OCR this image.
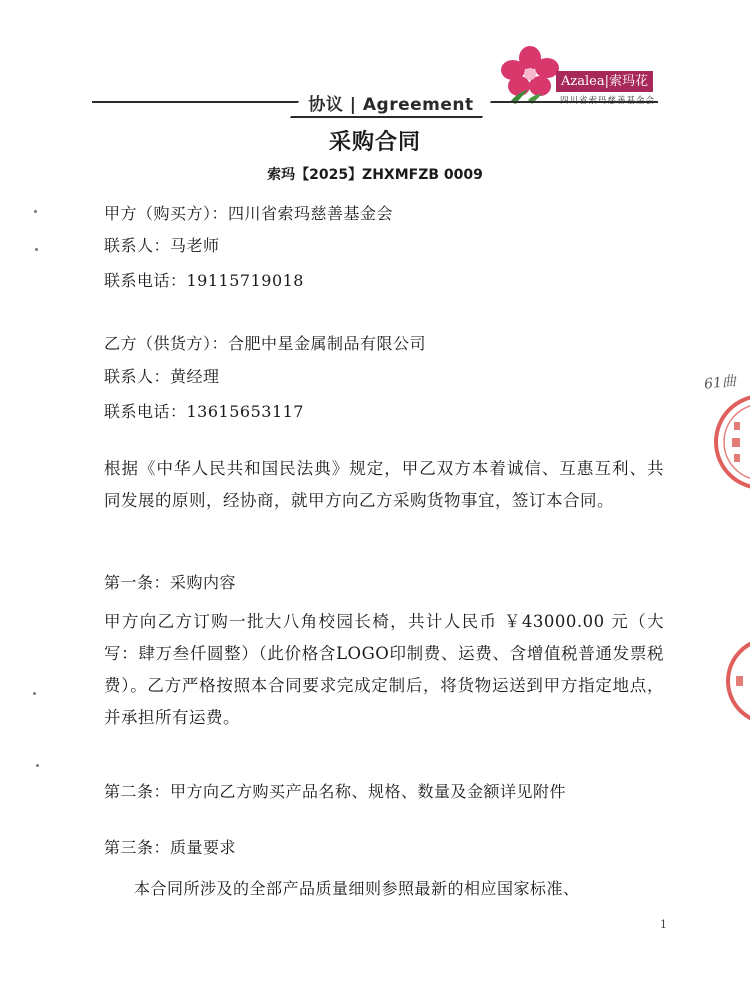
Azalea|索玛花
协议 | Agreement
采购合同
索玛【2025】ZHXMFZB 0009
甲方（购买方）：四川省索玛慈善基金会
联系人：马老师
联系电话：19115719018
乙方（供货方）：合肥中星金属制品有限公司
联系人：黄经理
联系电话：13615653117
根据《中华人民共和国民法典》规定，甲乙双方本着诚信、互惠互利、共同发展的原则，经协商，就甲方向乙方采购货物事宜，签订本合同。
第一条：采购内容
甲方向乙方订购一批大八角校园长椅，共计人民币 ￥43000.00 元（大写：肆万叁仟圆整）（此价格含LOGO印制费、运费、含增值税普通发票税费）。乙方严格按照本合同要求完成定制后，将货物运送到甲方指定地点，并承担所有运费。
第二条：甲方向乙方购买产品名称、规格、数量及金额详见附件
第三条：质量要求
本合同所涉及的全部产品质量细则参照最新的相应国家标准、
1
61曲
